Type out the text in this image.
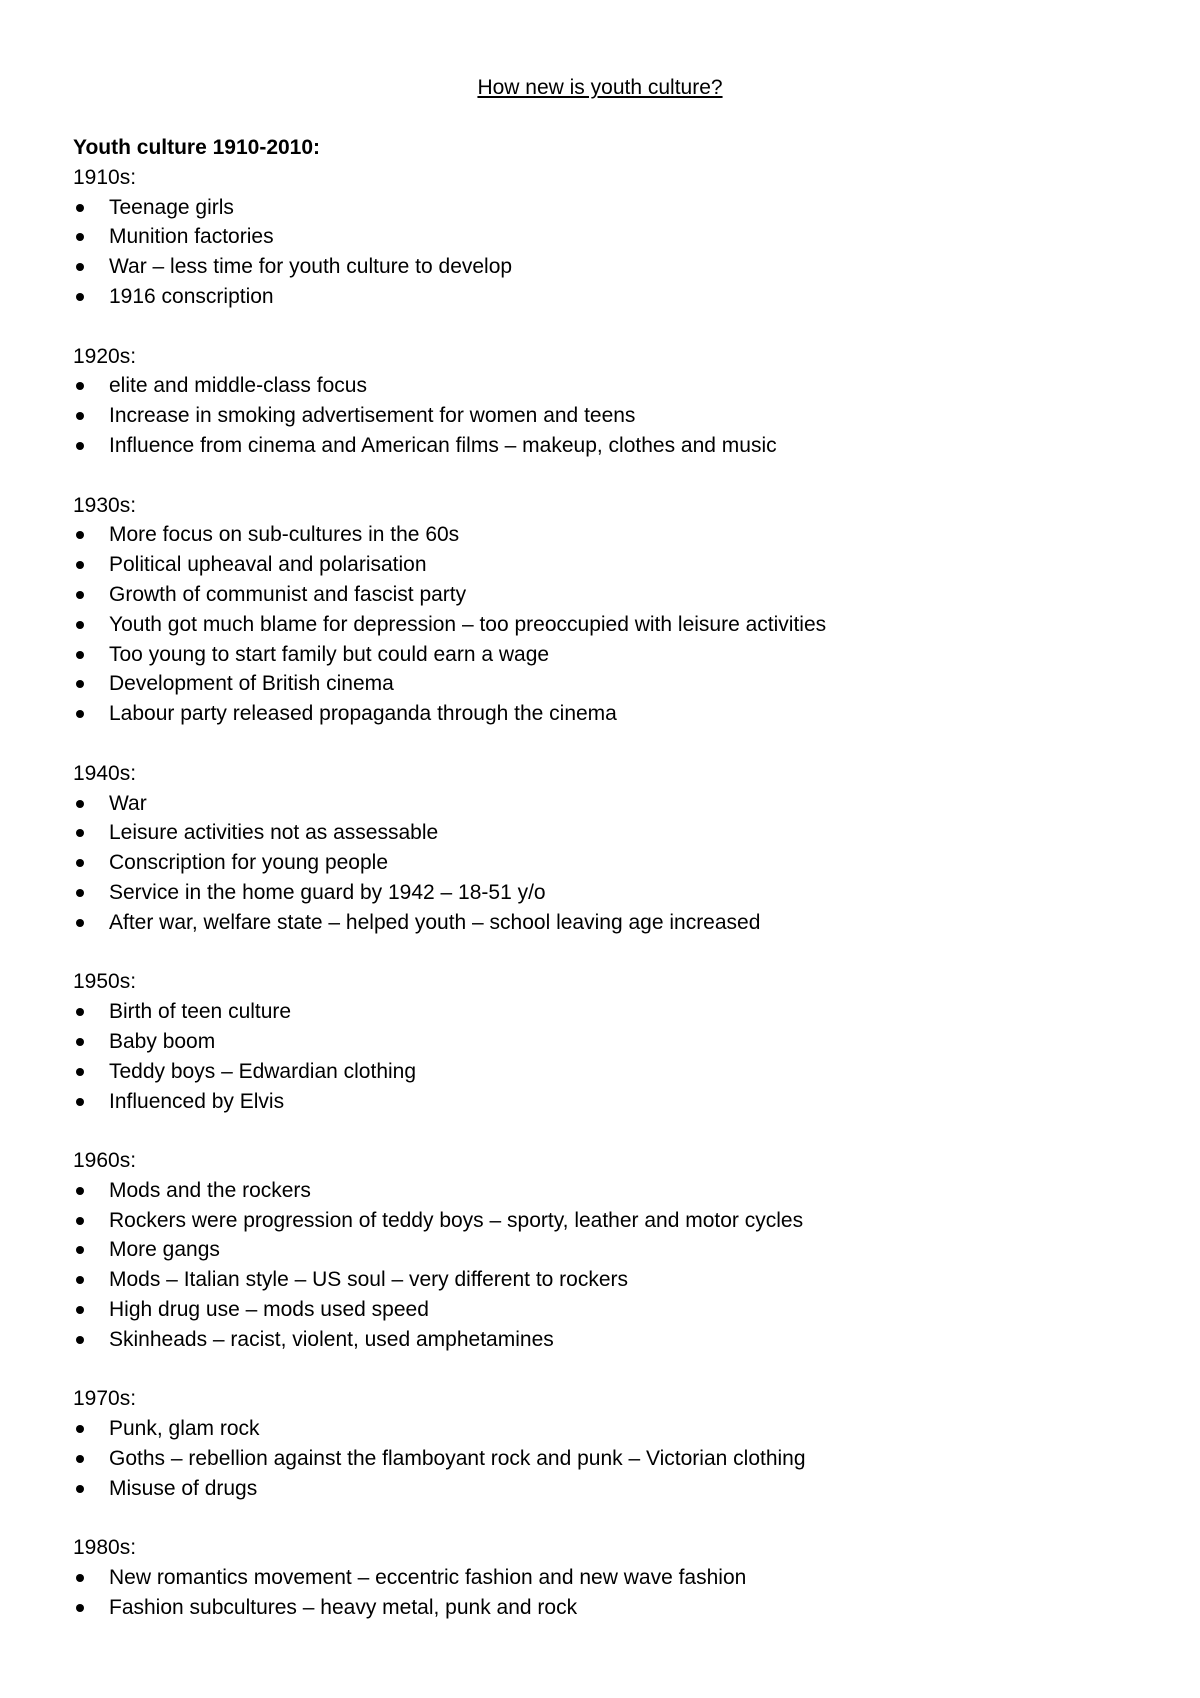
How new is youth culture?

Youth culture 1910-2010:

1910s:

Teenage girls
Munition factories
War – less time for youth culture to develop
1916 conscription

1920s:

elite and middle-class focus
Increase in smoking advertisement for women and teens
Influence from cinema and American films – makeup, clothes and music

1930s:

More focus on sub-cultures in the 60s
Political upheaval and polarisation
Growth of communist and fascist party
Youth got much blame for depression – too preoccupied with leisure activities
Too young to start family but could earn a wage
Development of British cinema
Labour party released propaganda through the cinema

1940s:

War
Leisure activities not as assessable
Conscription for young people
Service in the home guard by 1942 – 18-51 y/o
After war, welfare state – helped youth – school leaving age increased

1950s:

Birth of teen culture
Baby boom
Teddy boys – Edwardian clothing
Influenced by Elvis

1960s:

Mods and the rockers
Rockers were progression of teddy boys – sporty, leather and motor cycles
More gangs
Mods – Italian style – US soul – very different to rockers
High drug use – mods used speed
Skinheads – racist, violent, used amphetamines

1970s:

Punk, glam rock
Goths – rebellion against the flamboyant rock and punk – Victorian clothing
Misuse of drugs

1980s:

New romantics movement – eccentric fashion and new wave fashion
Fashion subcultures – heavy metal, punk and rock
